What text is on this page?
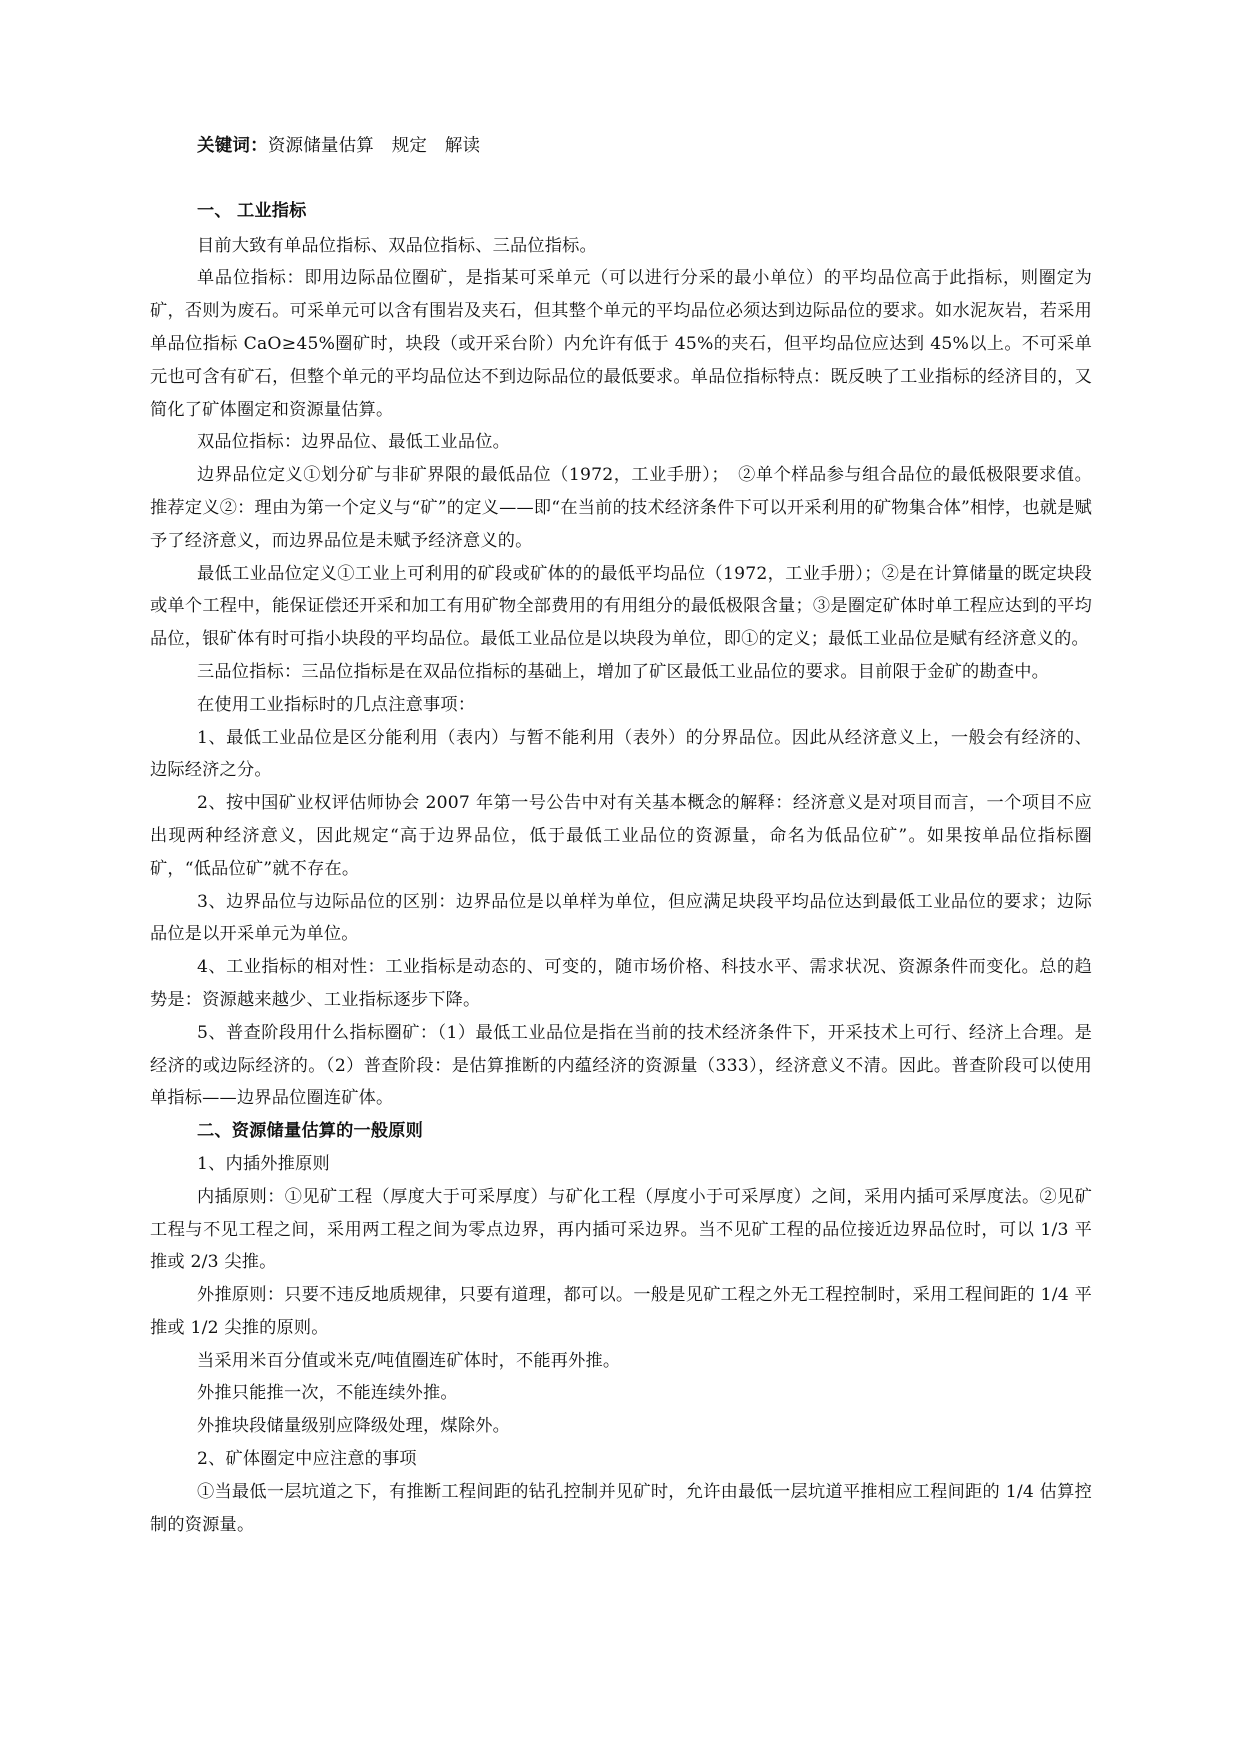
关键词：资源储量估算　 规定　 解读

一、 工业指标

目前大致有单品位指标、双品位指标、三品位指标。

单品位指标：即用边际品位圈矿，是指某可采单元（可以进行分采的最小单位）的平均品位高于此指标，则圈定为矿，否则为废石。可采单元可以含有围岩及夹石，但其整个单元的平均品位必须达到边际品位的要求。如水泥灰岩，若采用单品位指标 CaO≥45%圈矿时，块段（或开采台阶）内允许有低于 45%的夹石，但平均品位应达到 45%以上。不可采单元也可含有矿石，但整个单元的平均品位达不到边际品位的最低要求。单品位指标特点：既反映了工业指标的经济目的，又简化了矿体圈定和资源量估算。

双品位指标：边界品位、最低工业品位。

边界品位定义①划分矿与非矿界限的最低品位（1972，工业手册）；　②单个样品参与组合品位的最低极限要求值。推荐定义②：理由为第一个定义与“矿”的定义——即“在当前的技术经济条件下可以开采利用的矿物集合体”相悖，也就是赋予了经济意义，而边界品位是未赋予经济意义的。

最低工业品位定义①工业上可利用的矿段或矿体的的最低平均品位（1972，工业手册）；②是在计算储量的既定块段或单个工程中，能保证偿还开采和加工有用矿物全部费用的有用组分的最低极限含量；③是圈定矿体时单工程应达到的平均品位，银矿体有时可指小块段的平均品位。最低工业品位是以块段为单位，即①的定义；最低工业品位是赋有经济意义的。

三品位指标：三品位指标是在双品位指标的基础上，增加了矿区最低工业品位的要求。目前限于金矿的勘查中。

在使用工业指标时的几点注意事项：

1、最低工业品位是区分能利用（表内）与暂不能利用（表外）的分界品位。因此从经济意义上，一般会有经济的、边际经济之分。

2、按中国矿业权评估师协会 2007 年第一号公告中对有关基本概念的解释：经济意义是对项目而言，一个项目不应出现两种经济意义，因此规定“高于边界品位，低于最低工业品位的资源量，命名为低品位矿”。如果按单品位指标圈矿，“低品位矿”就不存在。

3、边界品位与边际品位的区别：边界品位是以单样为单位，但应满足块段平均品位达到最低工业品位的要求；边际品位是以开采单元为单位。

4、工业指标的相对性：工业指标是动态的、可变的，随市场价格、科技水平、需求状况、资源条件而变化。总的趋势是：资源越来越少、工业指标逐步下降。

5、普查阶段用什么指标圈矿：（1）最低工业品位是指在当前的技术经济条件下，开采技术上可行、经济上合理。是经济的或边际经济的。（2）普查阶段：是估算推断的内蕴经济的资源量（333），经济意义不清。因此。普查阶段可以使用单指标——边界品位圈连矿体。

二、资源储量估算的一般原则

1、内插外推原则

内插原则：①见矿工程（厚度大于可采厚度）与矿化工程（厚度小于可采厚度）之间，采用内插可采厚度法。②见矿工程与不见工程之间，采用两工程之间为零点边界，再内插可采边界。当不见矿工程的品位接近边界品位时，可以 1/3 平推或 2/3 尖推。

外推原则：只要不违反地质规律，只要有道理，都可以。一般是见矿工程之外无工程控制时，采用工程间距的 1/4 平推或 1/2 尖推的原则。

当采用米百分值或米克/吨值圈连矿体时，不能再外推。

外推只能推一次，不能连续外推。

外推块段储量级别应降级处理，煤除外。

2、矿体圈定中应注意的事项

①当最低一层坑道之下，有推断工程间距的钻孔控制并见矿时，允许由最低一层坑道平推相应工程间距的 1/4 估算控制的资源量。
